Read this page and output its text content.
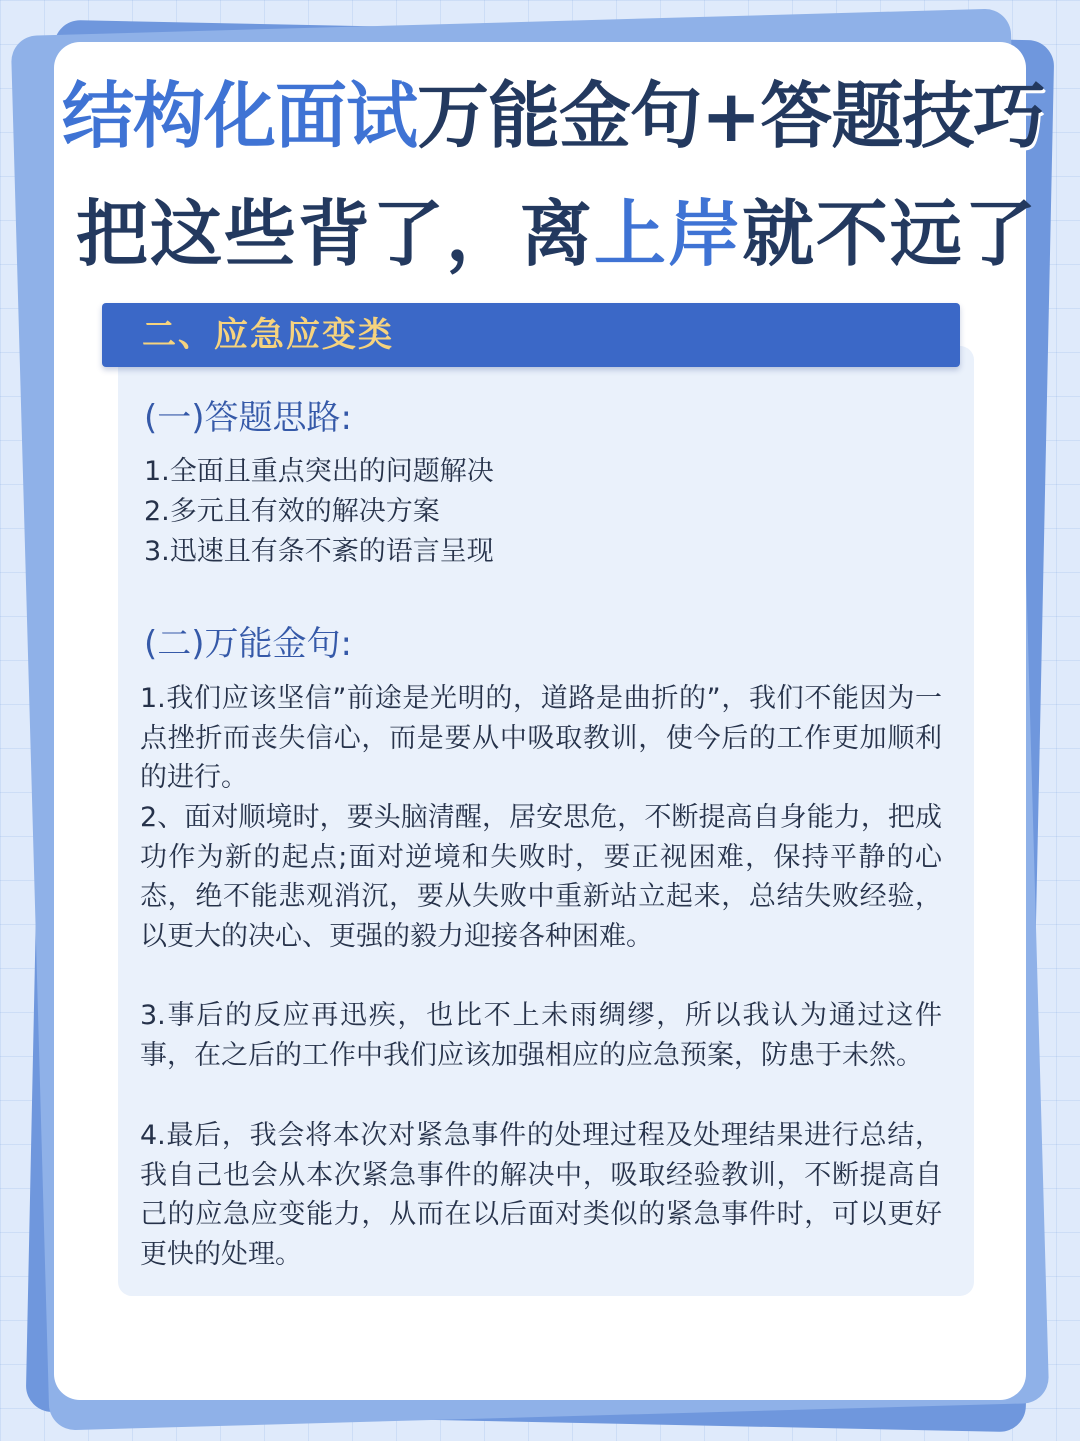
结构化面试万能金句+答题技巧
把这些背了，离上岸就不远了
二、应急应变类
(一)答题思路:
1.全面且重点突出的问题解决
2.多元且有效的解决方案
3.迅速且有条不紊的语言呈现
(二)万能金句:
1.我们应该坚信”前途是光明的，道路是曲折的”，我们不能因为一点挫折而丧失信心，而是要从中吸取教训，使今后的工作更加顺利的进行。
2、面对顺境时，要头脑清醒，居安思危，不断提高自身能力，把成功作为新的起点;面对逆境和失败时，要正视困难，保持平静的心态，绝不能悲观消沉，要从失败中重新站立起来，总结失败经验，以更大的决心、更强的毅力迎接各种困难。
3.事后的反应再迅疾，也比不上未雨绸缪，所以我认为通过这件事，在之后的工作中我们应该加强相应的应急预案，防患于未然。
4.最后，我会将本次对紧急事件的处理过程及处理结果进行总结，我自己也会从本次紧急事件的解决中，吸取经验教训，不断提高自己的应急应变能力，从而在以后面对类似的紧急事件时，可以更好更快的处理。
